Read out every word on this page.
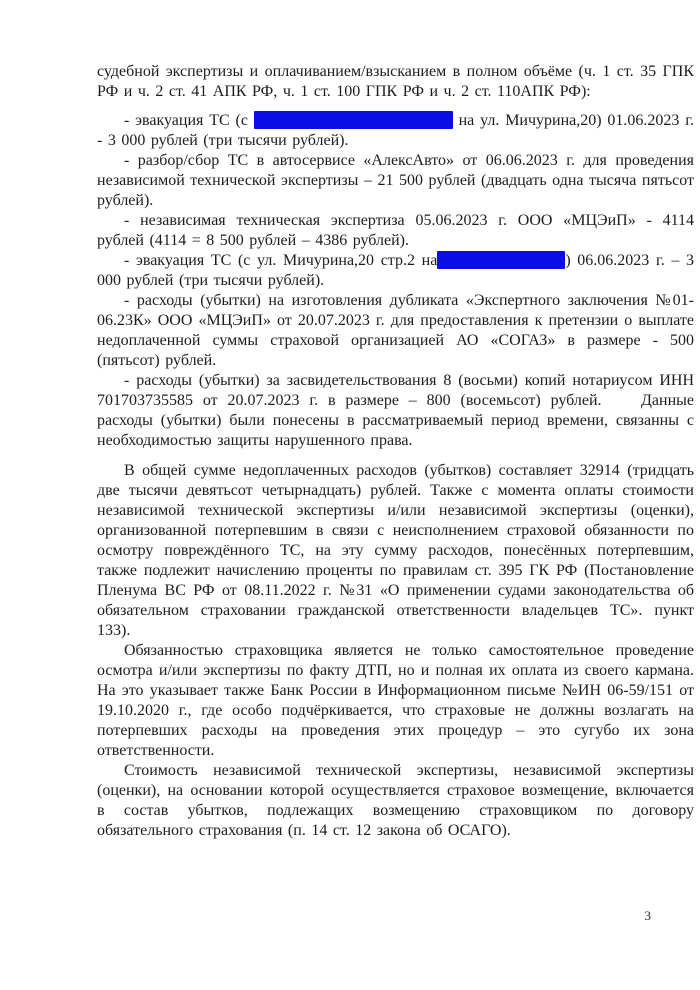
судебной экспертизы и оплачиванием/взысканием в полном объёме (ч. 1 ст. 35 ГПК РФ и ч. 2 ст. 41 АПК РФ, ч. 1 ст. 100 ГПК РФ и ч. 2 ст. 110АПК РФ):

- эвакуация ТС (с	на ул. Мичурина,20) 01.06.2023 г. - 3 000 рублей (три тысячи рублей).

- разбор/сбор ТС в автосервисе «АлексАвто» от 06.06.2023 г. для проведения независимой технической экспертизы – 21 500 рублей (двадцать одна тысяча пятьсот рублей).

- независимая техническая экспертиза 05.06.2023 г. ООО «МЦЭиП» - 4114 рублей (4114 = 8 500 рублей – 4386 рублей).

- эвакуация ТС (с ул. Мичурина,20 стр.2 на	) 06.06.2023 г. – 3 000 рублей (три тысячи рублей).

- расходы (убытки) на изготовления дубликата «Экспертного заключения №01-06.23К» ООО «МЦЭиП» от 20.07.2023 г. для предоставления к претензии о выплате недоплаченной суммы страховой организацией АО «СОГАЗ» в размере - 500 (пятьсот) рублей.

- расходы (убытки) за засвидетельствования 8 (восьми) копий нотариусом ИНН 701703735585 от 20.07.2023 г. в размере – 800 (восемьсот) рублей.    Данные расходы (убытки) были понесены в рассматриваемый период времени, связанны с необходимостью защиты нарушенного права.

В общей сумме недоплаченных расходов (убытков) составляет 32914 (тридцать две тысячи девятьсот четырнадцать) рублей. Также с момента оплаты стоимости независимой технической экспертизы и/или независимой экспертизы (оценки), организованной потерпевшим в связи с неисполнением страховой обязанности по осмотру повреждённого ТС, на эту сумму расходов, понесённых потерпевшим, также подлежит начислению проценты по правилам ст. 395 ГК РФ (Постановление Пленума ВС РФ от 08.11.2022 г. №31 «О применении судами законодательства об обязательном страховании гражданской ответственности владельцев ТС». пункт 133).

Обязанностью страховщика является не только самостоятельное проведение осмотра и/или экспертизы по факту ДТП, но и полная их оплата из своего кармана. На это указывает также Банк России в Информационном письме №ИН 06-59/151 от 19.10.2020 г., где особо подчёркивается, что страховые не должны возлагать на потерпевших расходы на проведения этих процедур – это сугубо их зона ответственности.

Стоимость независимой технической экспертизы, независимой экспертизы (оценки), на основании которой осуществляется страховое возмещение, включается в состав убытков, подлежащих возмещению страховщиком по договору обязательного страхования (п. 14 ст. 12 закона об ОСАГО).

3
